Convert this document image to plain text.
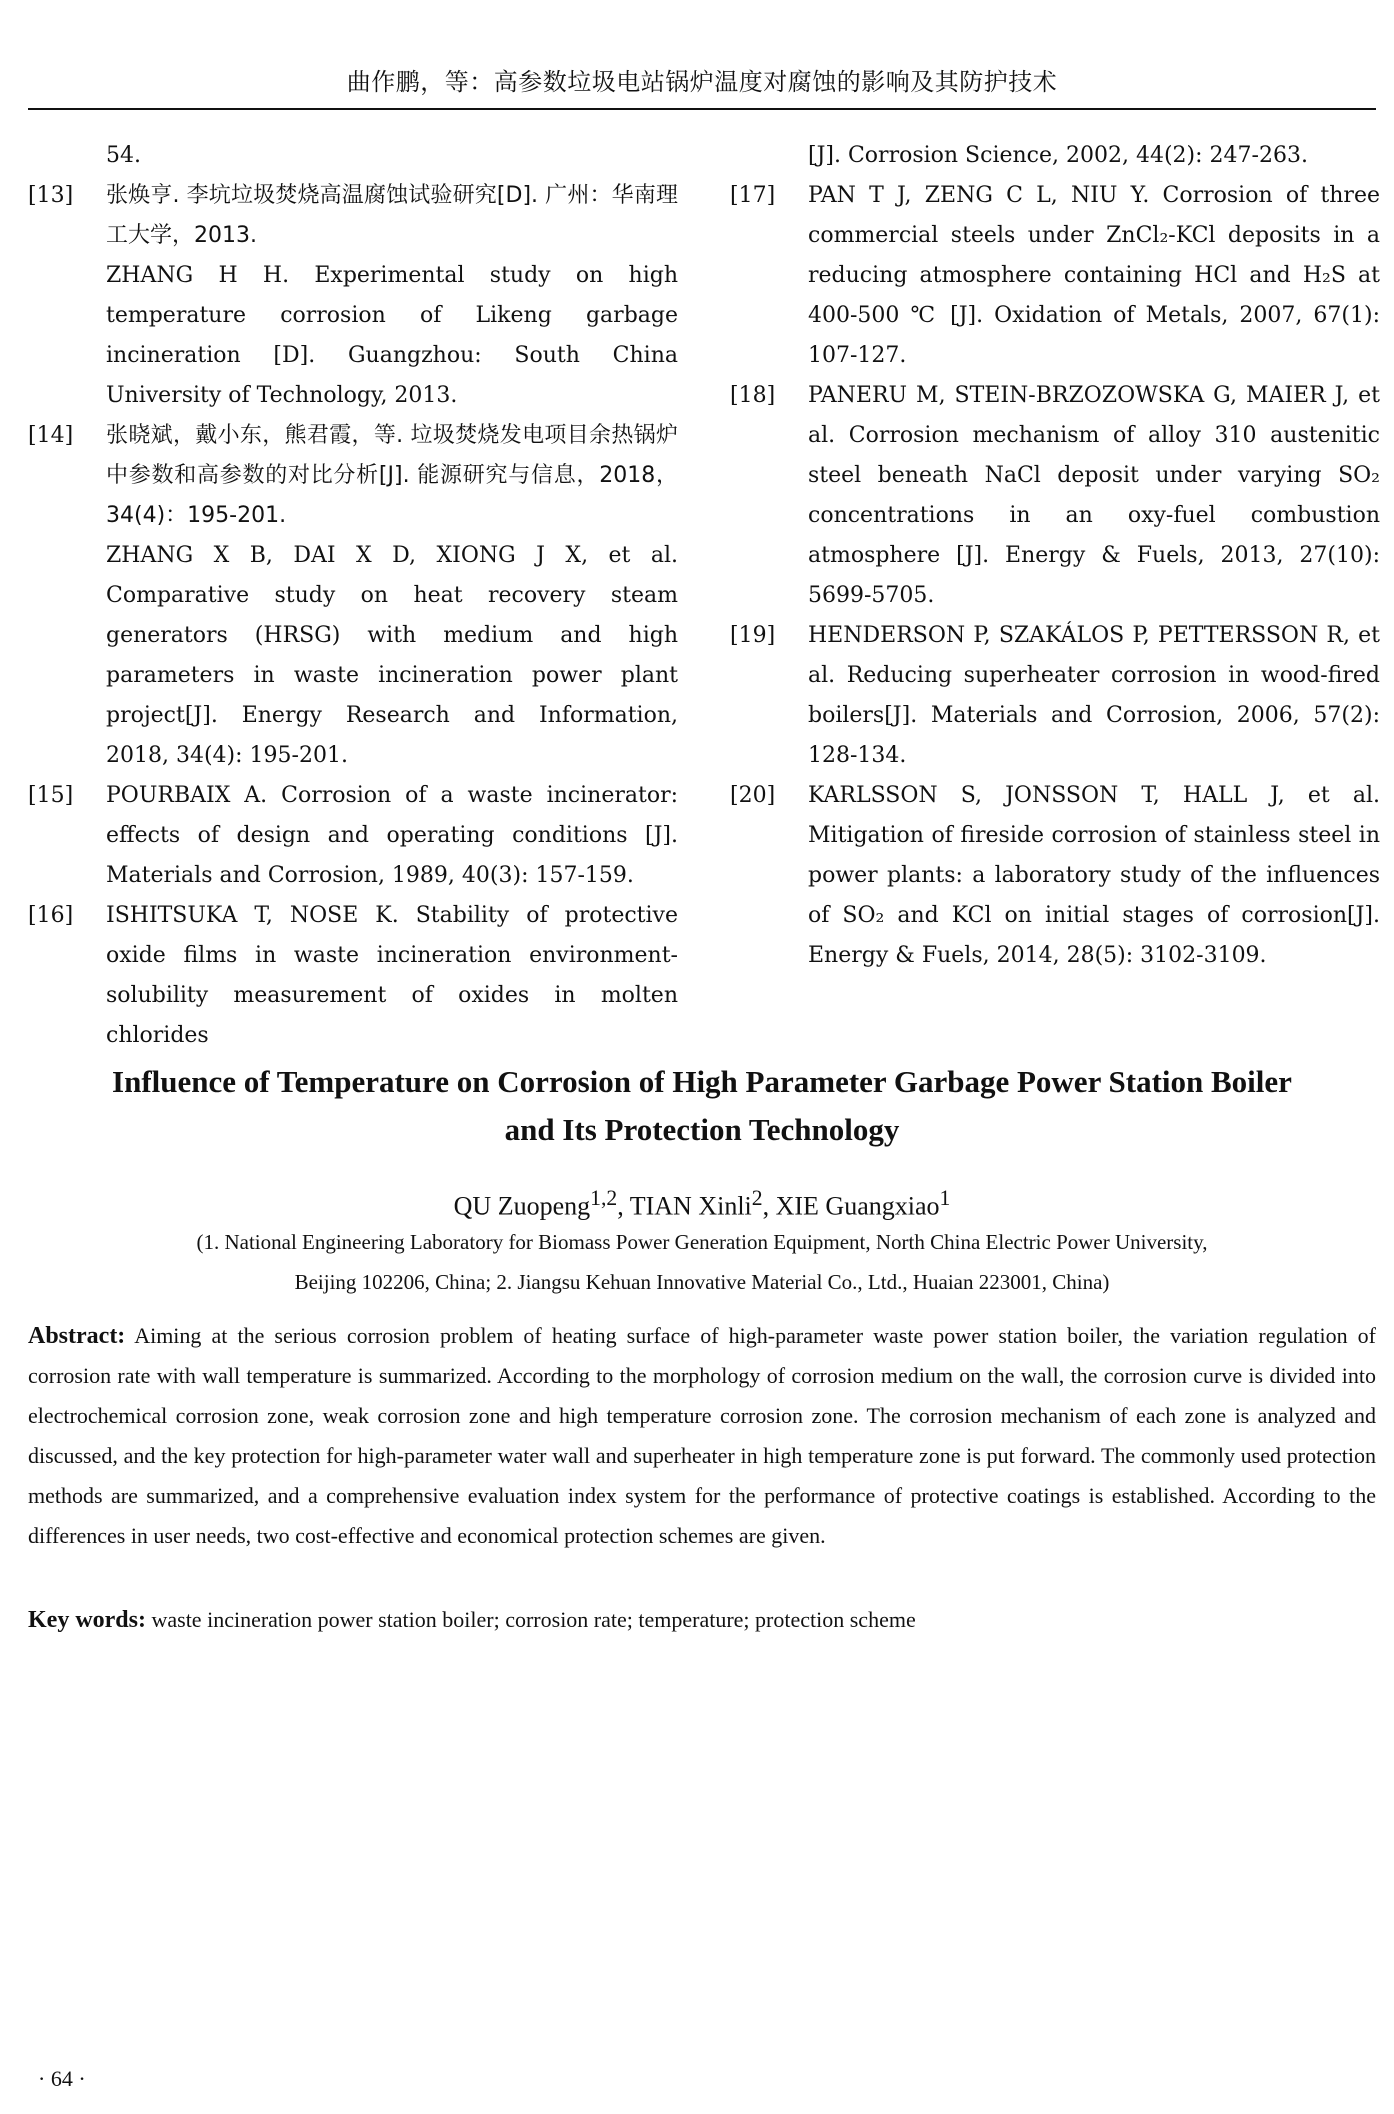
曲作鹏，等：高参数垃圾电站锅炉温度对腐蚀的影响及其防护技术
54.
[13]	张焕亨. 李坑垃圾焚烧高温腐蚀试验研究[D]. 广州：华南理工大学，2013.
ZHANG H H. Experimental study on high temperature corrosion of Likeng garbage incineration [D]. Guangzhou: South China University of Technology, 2013.
[14]	张晓斌，戴小东，熊君霞，等. 垃圾焚烧发电项目余热锅炉中参数和高参数的对比分析[J]. 能源研究与信息，2018，34(4)：195-201.
ZHANG X B, DAI X D, XIONG J X, et al. Comparative study on heat recovery steam generators (HRSG) with medium and high parameters in waste incineration power plant project[J]. Energy Research and Information, 2018, 34(4): 195-201.
[15]	POURBAIX A. Corrosion of a waste incinerator: effects of design and operating conditions [J]. Materials and Corrosion, 1989, 40(3): 157-159.
[16]	ISHITSUKA T, NOSE K. Stability of protective oxide films in waste incineration environment-solubility measurement of oxides in molten chlorides
[J]. Corrosion Science, 2002, 44(2): 247-263.
[17]	PAN T J, ZENG C L, NIU Y. Corrosion of three commercial steels under ZnCl₂-KCl deposits in a reducing atmosphere containing HCl and H₂S at 400-500 ℃ [J]. Oxidation of Metals, 2007, 67(1): 107-127.
[18]	PANERU M, STEIN-BRZOZOWSKA G, MAIER J, et al. Corrosion mechanism of alloy 310 austenitic steel beneath NaCl deposit under varying SO₂ concentrations in an oxy-fuel combustion atmosphere [J]. Energy & Fuels, 2013, 27(10): 5699-5705.
[19]	HENDERSON P, SZAKÁLOS P, PETTERSSON R, et al. Reducing superheater corrosion in wood-fired boilers[J]. Materials and Corrosion, 2006, 57(2): 128-134.
[20]	KARLSSON S, JONSSON T, HALL J, et al. Mitigation of fireside corrosion of stainless steel in power plants: a laboratory study of the influences of SO₂ and KCl on initial stages of corrosion[J]. Energy & Fuels, 2014, 28(5): 3102-3109.
Influence of Temperature on Corrosion of High Parameter Garbage Power Station Boiler
and Its Protection Technology
QU Zuopeng$^{1,2}$, TIAN Xinli$^2$, XIE Guangxiao$^1$
(1. National Engineering Laboratory for Biomass Power Generation Equipment, North China Electric Power University,
Beijing 102206, China; 2. Jiangsu Kehuan Innovative Material Co., Ltd., Huaian 223001, China)
Abstract: Aiming at the serious corrosion problem of heating surface of high-parameter waste power station boiler, the variation regulation of corrosion rate with wall temperature is summarized. According to the morphology of corrosion medium on the wall, the corrosion curve is divided into electrochemical corrosion zone, weak corrosion zone and high temperature corrosion zone. The corrosion mechanism of each zone is analyzed and discussed, and the key protection for high-parameter water wall and superheater in high temperature zone is put forward. The commonly used protection methods are summarized, and a comprehensive evaluation index system for the performance of protective coatings is established. According to the differences in user needs, two cost-effective and economical protection schemes are given.
Key words: waste incineration power station boiler; corrosion rate; temperature; protection scheme
· 64 ·
